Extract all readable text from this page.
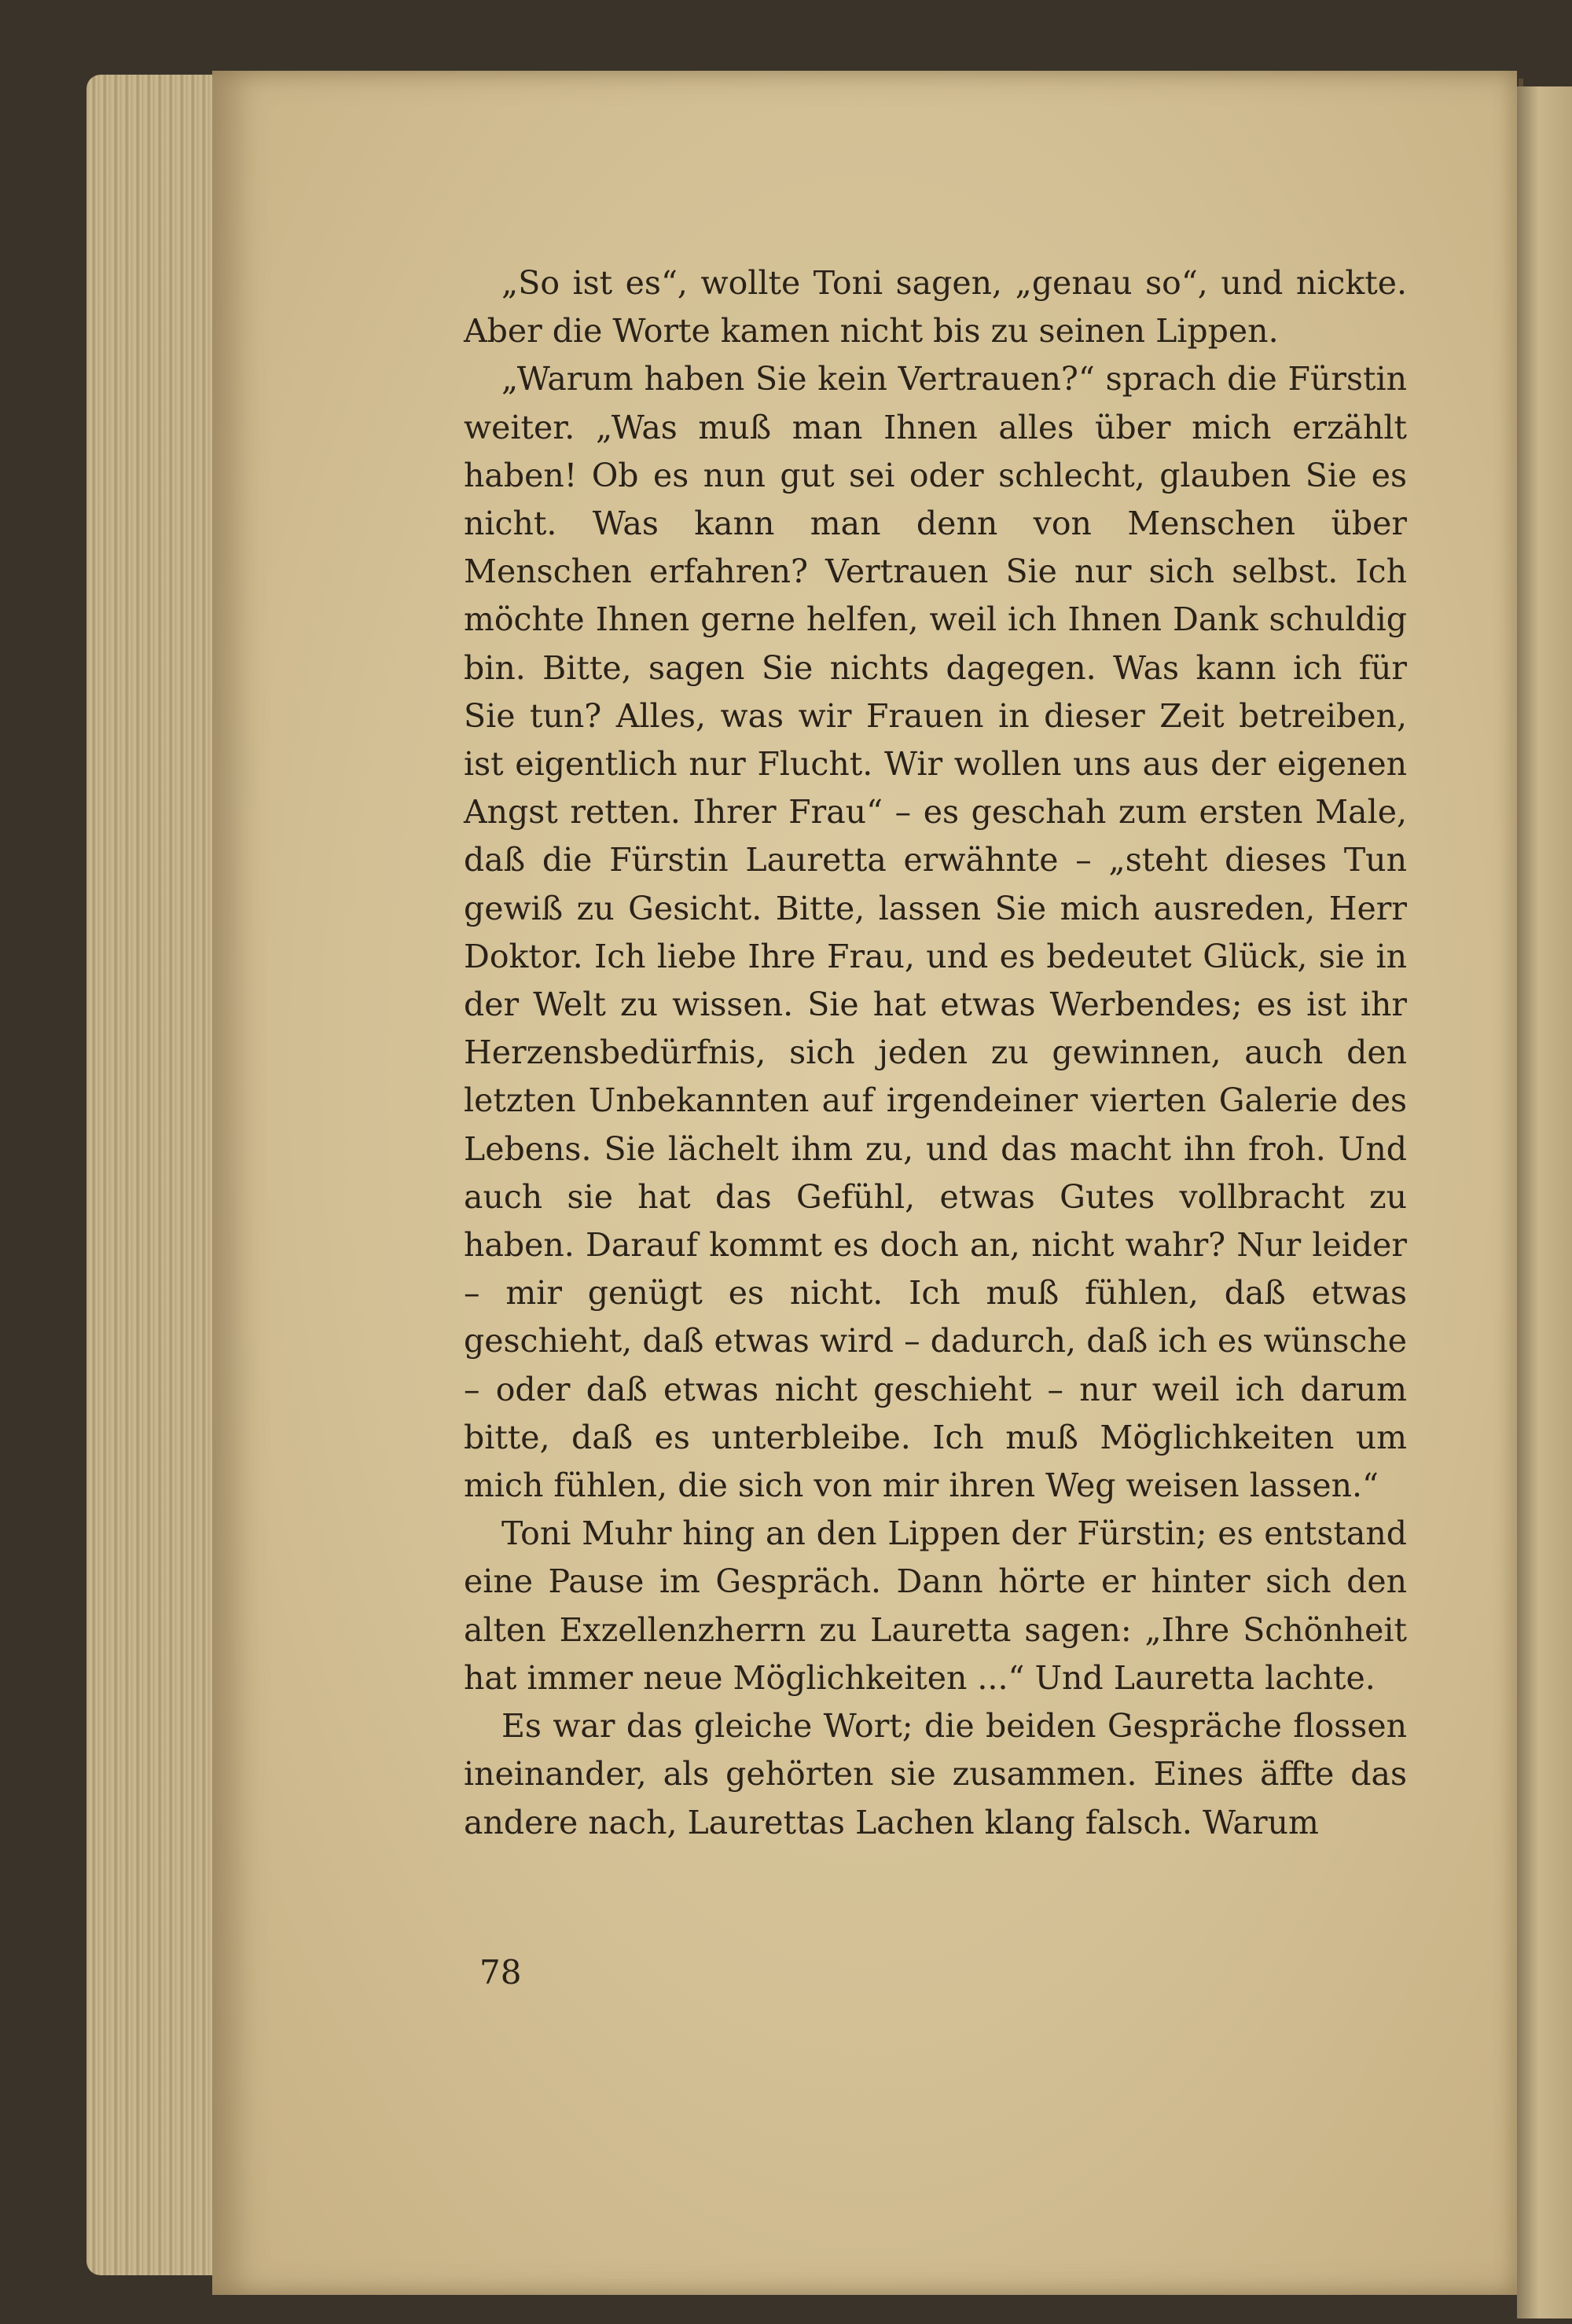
„So ist es“, wollte Toni sagen, „genau so“, und nickte. Aber die Worte kamen nicht bis zu seinen Lippen.

„Warum haben Sie kein Vertrauen?“ sprach die Fürstin weiter. „Was muß man Ihnen alles über mich erzählt haben! Ob es nun gut sei oder schlecht, glauben Sie es nicht. Was kann man denn von Menschen über Menschen erfahren? Vertrauen Sie nur sich selbst. Ich möchte Ihnen gerne helfen, weil ich Ihnen Dank schuldig bin. Bitte, sagen Sie nichts dagegen. Was kann ich für Sie tun? Alles, was wir Frauen in dieser Zeit betreiben, ist eigentlich nur Flucht. Wir wollen uns aus der eigenen Angst retten. Ihrer Frau“ – es geschah zum ersten Male, daß die Fürstin Lauretta erwähnte – „steht dieses Tun gewiß zu Gesicht. Bitte, lassen Sie mich ausreden, Herr Doktor. Ich liebe Ihre Frau, und es bedeutet Glück, sie in der Welt zu wissen. Sie hat etwas Werbendes; es ist ihr Herzensbedürfnis, sich jeden zu gewinnen, auch den letzten Unbekannten auf irgendeiner vierten Galerie des Lebens. Sie lächelt ihm zu, und das macht ihn froh. Und auch sie hat das Gefühl, etwas Gutes vollbracht zu haben. Darauf kommt es doch an, nicht wahr? Nur leider – mir genügt es nicht. Ich muß fühlen, daß etwas geschieht, daß etwas wird – dadurch, daß ich es wünsche – oder daß etwas nicht geschieht – nur weil ich darum bitte, daß es unterbleibe. Ich muß Möglichkeiten um mich fühlen, die sich von mir ihren Weg weisen lassen.“

Toni Muhr hing an den Lippen der Fürstin; es entstand eine Pause im Gespräch. Dann hörte er hinter sich den alten Exzellenzherrn zu Lauretta sagen: „Ihre Schönheit hat immer neue Möglichkeiten ...“ Und Lauretta lachte.

Es war das gleiche Wort; die beiden Gespräche flossen ineinander, als gehörten sie zusammen. Eines äffte das andere nach, Laurettas Lachen klang falsch. Warum

78
